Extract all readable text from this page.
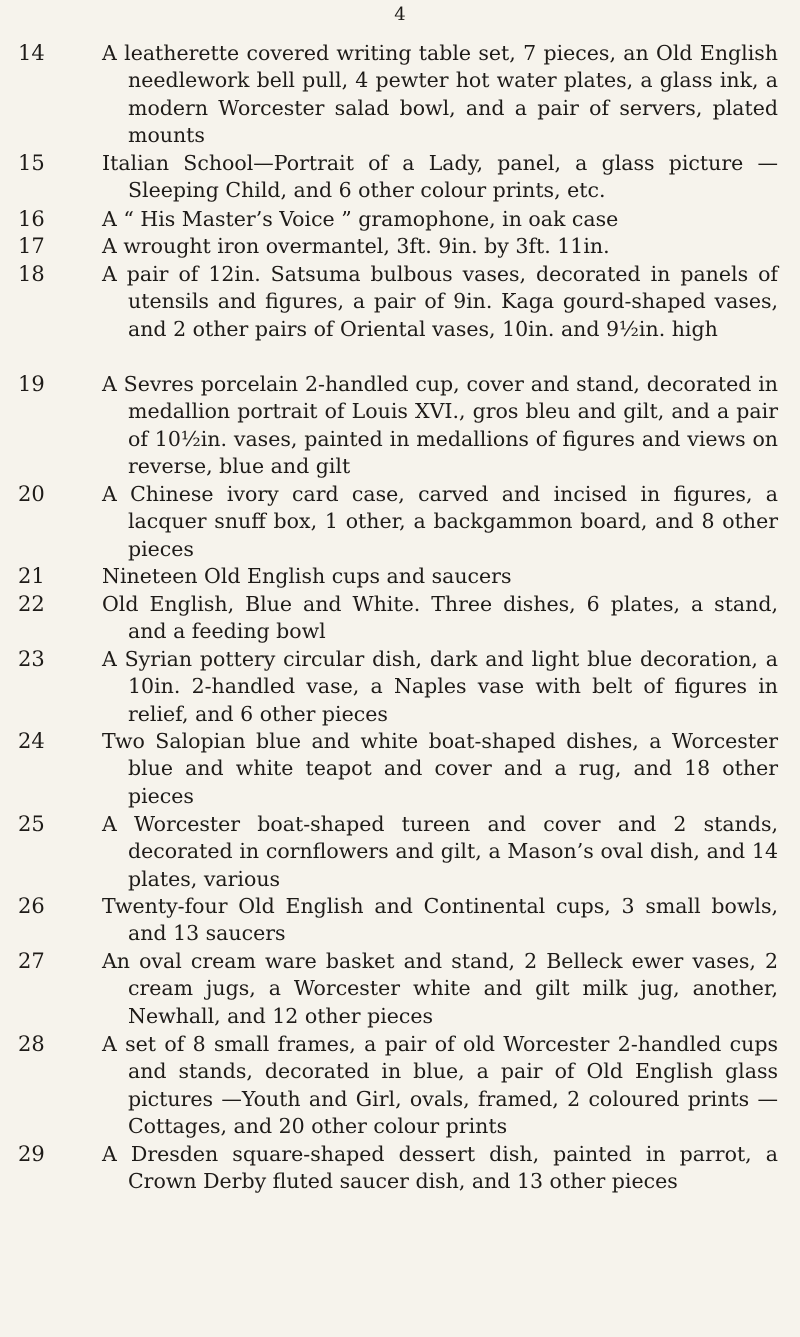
4
14	A leatherette covered writing table set, 7 pieces, an Old English needlework bell pull, 4 pewter hot water plates, a glass ink, a modern Worcester salad bowl, and a pair of servers, plated mounts
15	Italian School—Portrait of a Lady, panel, a glass picture —Sleeping Child, and 6 other colour prints, etc.
16	A “ His Master’s Voice ” gramophone, in oak case
17	A wrought iron overmantel, 3ft. 9in. by 3ft. 11in.
18	A pair of 12in. Satsuma bulbous vases, decorated in panels of utensils and figures, a pair of 9in. Kaga gourd-shaped vases, and 2 other pairs of Oriental vases, 10in. and 9½in. high
19	A Sevres porcelain 2-handled cup, cover and stand, decorated in medallion portrait of Louis XVI., gros bleu and gilt, and a pair of 10½in. vases, painted in medallions of figures and views on reverse, blue and gilt
20	A Chinese ivory card case, carved and incised in figures, a lacquer snuff box, 1 other, a backgammon board, and 8 other pieces
21	Nineteen Old English cups and saucers
22	Old English, Blue and White. Three dishes, 6 plates, a stand, and a feeding bowl
23	A Syrian pottery circular dish, dark and light blue decoration, a 10in. 2-handled vase, a Naples vase with belt of figures in relief, and 6 other pieces
24	Two Salopian blue and white boat-shaped dishes, a Worcester blue and white teapot and cover and a rug, and 18 other pieces
25	A Worcester boat-shaped tureen and cover and 2 stands, decorated in cornflowers and gilt, a Mason’s oval dish, and 14 plates, various
26	Twenty-four Old English and Continental cups, 3 small bowls, and 13 saucers
27	An oval cream ware basket and stand, 2 Belleck ewer vases, 2 cream jugs, a Worcester white and gilt milk jug, another, Newhall, and 12 other pieces
28	A set of 8 small frames, a pair of old Worcester 2-handled cups and stands, decorated in blue, a pair of Old English glass pictures —Youth and Girl, ovals, framed, 2 coloured prints —Cottages, and 20 other colour prints
29	A Dresden square-shaped dessert dish, painted in parrot, a Crown Derby fluted saucer dish, and 13 other pieces
